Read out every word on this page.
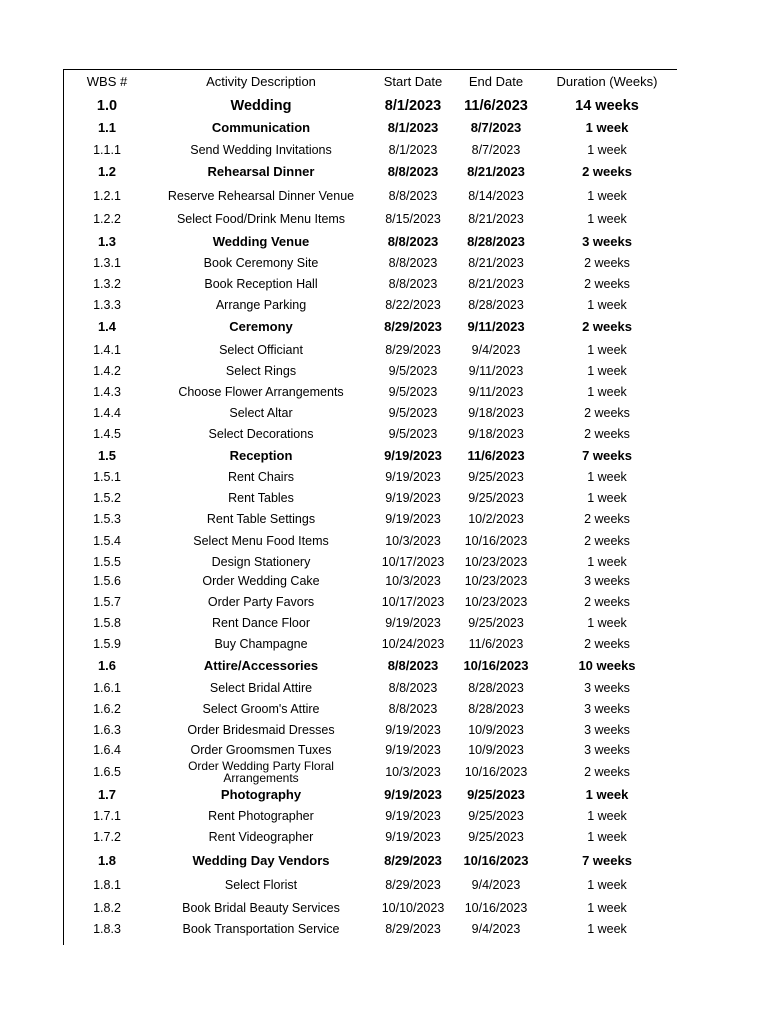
WBS #	Activity Description	Start Date	End Date	Duration (Weeks)
1.0	Wedding	8/1/2023	11/6/2023	14 weeks
1.1	Communication	8/1/2023	8/7/2023	1 week
1.1.1	Send Wedding Invitations	8/1/2023	8/7/2023	1 week
1.2	Rehearsal Dinner	8/8/2023	8/21/2023	2 weeks
1.2.1	Reserve Rehearsal Dinner Venue	8/8/2023	8/14/2023	1 week
1.2.2	Select Food/Drink Menu Items	8/15/2023	8/21/2023	1 week
1.3	Wedding Venue	8/8/2023	8/28/2023	3 weeks
1.3.1	Book Ceremony Site	8/8/2023	8/21/2023	2 weeks
1.3.2	Book Reception Hall	8/8/2023	8/21/2023	2 weeks
1.3.3	Arrange Parking	8/22/2023	8/28/2023	1 week
1.4	Ceremony	8/29/2023	9/11/2023	2 weeks
1.4.1	Select Officiant	8/29/2023	9/4/2023	1 week
1.4.2	Select Rings	9/5/2023	9/11/2023	1 week
1.4.3	Choose Flower Arrangements	9/5/2023	9/11/2023	1 week
1.4.4	Select Altar	9/5/2023	9/18/2023	2 weeks
1.4.5	Select Decorations	9/5/2023	9/18/2023	2 weeks
1.5	Reception	9/19/2023	11/6/2023	7 weeks
1.5.1	Rent Chairs	9/19/2023	9/25/2023	1 week
1.5.2	Rent Tables	9/19/2023	9/25/2023	1 week
1.5.3	Rent Table Settings	9/19/2023	10/2/2023	2 weeks
1.5.4	Select Menu Food Items	10/3/2023	10/16/2023	2 weeks
1.5.5	Design Stationery	10/17/2023	10/23/2023	1 week
1.5.6	Order Wedding Cake	10/3/2023	10/23/2023	3 weeks
1.5.7	Order Party Favors	10/17/2023	10/23/2023	2 weeks
1.5.8	Rent Dance Floor	9/19/2023	9/25/2023	1 week
1.5.9	Buy Champagne	10/24/2023	11/6/2023	2 weeks
1.6	Attire/Accessories	8/8/2023	10/16/2023	10 weeks
1.6.1	Select Bridal Attire	8/8/2023	8/28/2023	3 weeks
1.6.2	Select Groom's Attire	8/8/2023	8/28/2023	3 weeks
1.6.3	Order Bridesmaid Dresses	9/19/2023	10/9/2023	3 weeks
1.6.4	Order Groomsmen Tuxes	9/19/2023	10/9/2023	3 weeks
1.6.5	Order Wedding Party Floral Arrangements	10/3/2023	10/16/2023	2 weeks
1.7	Photography	9/19/2023	9/25/2023	1 week
1.7.1	Rent Photographer	9/19/2023	9/25/2023	1 week
1.7.2	Rent Videographer	9/19/2023	9/25/2023	1 week
1.8	Wedding Day Vendors	8/29/2023	10/16/2023	7 weeks
1.8.1	Select Florist	8/29/2023	9/4/2023	1 week
1.8.2	Book Bridal Beauty Services	10/10/2023	10/16/2023	1 week
1.8.3	Book Transportation Service	8/29/2023	9/4/2023	1 week
